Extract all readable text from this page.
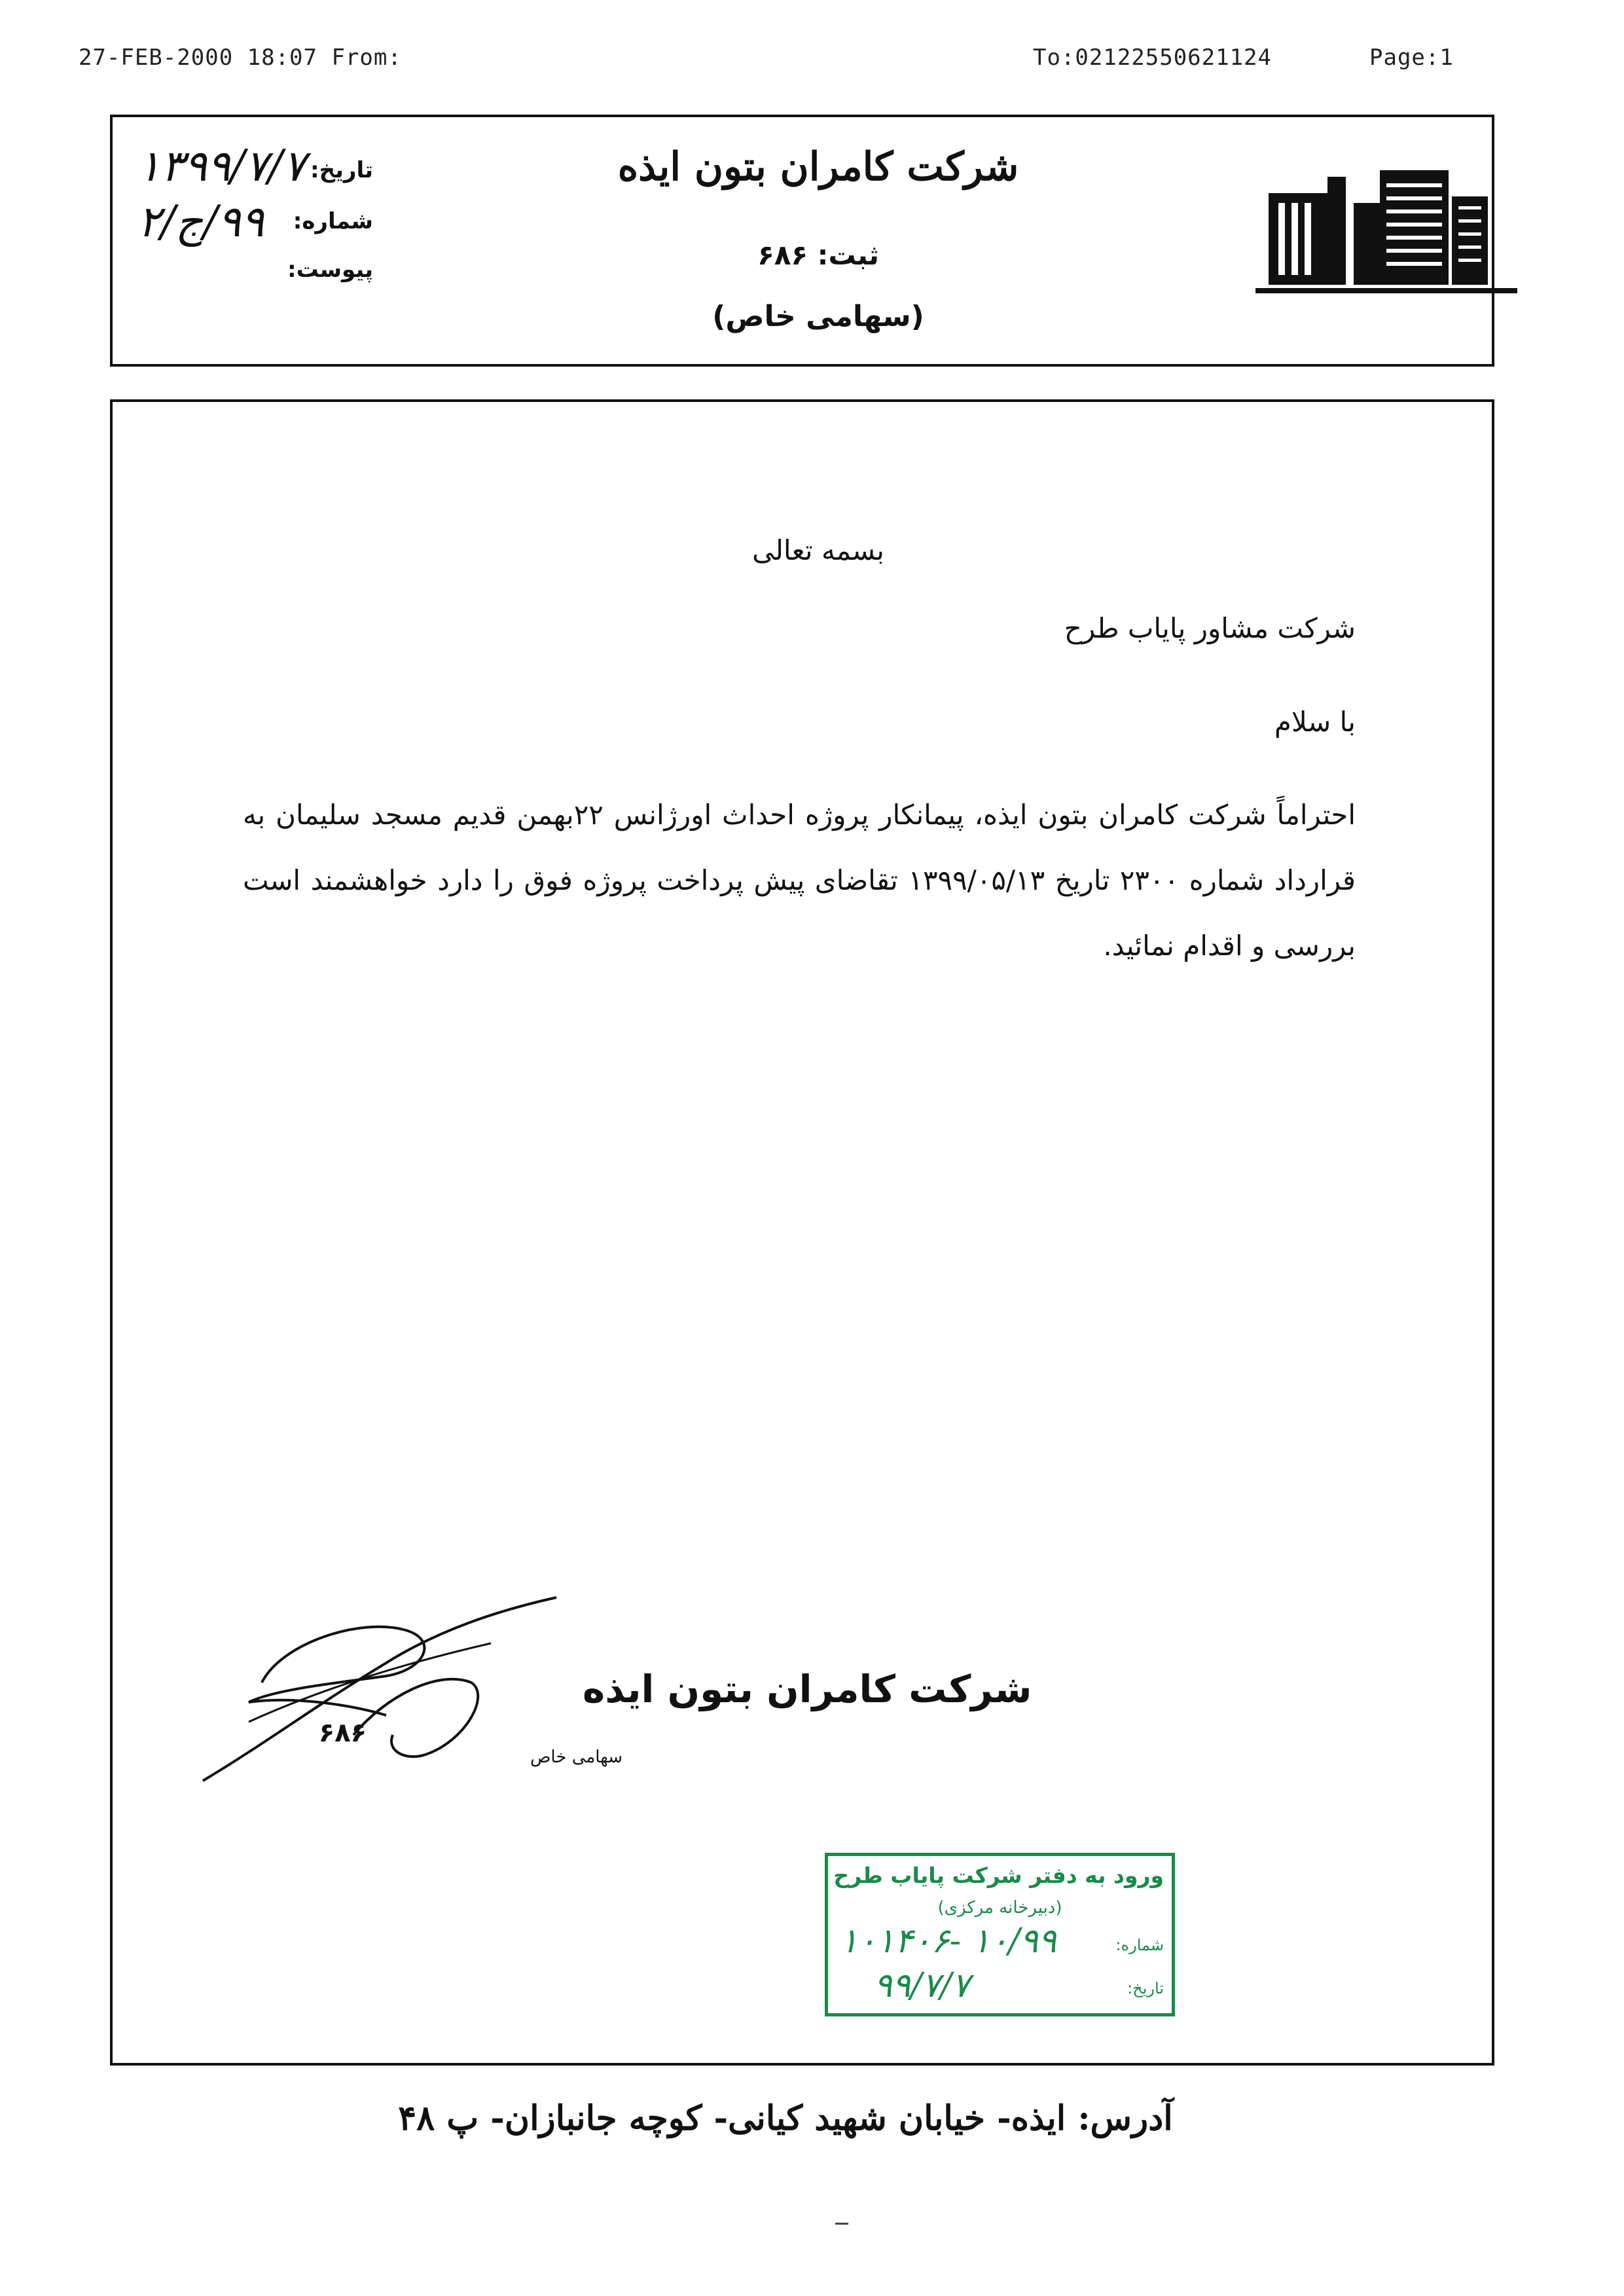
27-FEB-2000 18:07 From:	To:02122550621124	Page:1
شرکت کامران بتون ایذه
ثبت: ۶۸۶
(سهامی خاص)
تاریخ:
۱۳۹۹/۷/۷
شماره:
۹۹/ج/۲
پیوست:
بسمه تعالی
شرکت مشاور پایاب طرح
با سلام
احتراماً شرکت کامران بتون ایذه، پیمانکار پروژه احداث اورژانس ۲۲بهمن قدیم مسجد سلیمان به قرارداد شماره ۲۳۰۰ تاریخ ۱۳۹۹/۰۵/۱۳ تقاضای پیش پرداخت پروژه فوق را دارد خواهشمند است بررسی و اقدام نمائید.
شرکت کامران بتون ایذه
۶۸۶
سهامی خاص
ورود به دفتر شرکت پایاب طرح
(دبیرخانه مرکزی)
شماره:
۱۰۱۴۰۶- ۱۰/۹۹
تاریخ:
۹۹/۷/۷
آدرس: ایذه- خیابان شهید کیانی- کوچه جانبازان- پ ۴۸
